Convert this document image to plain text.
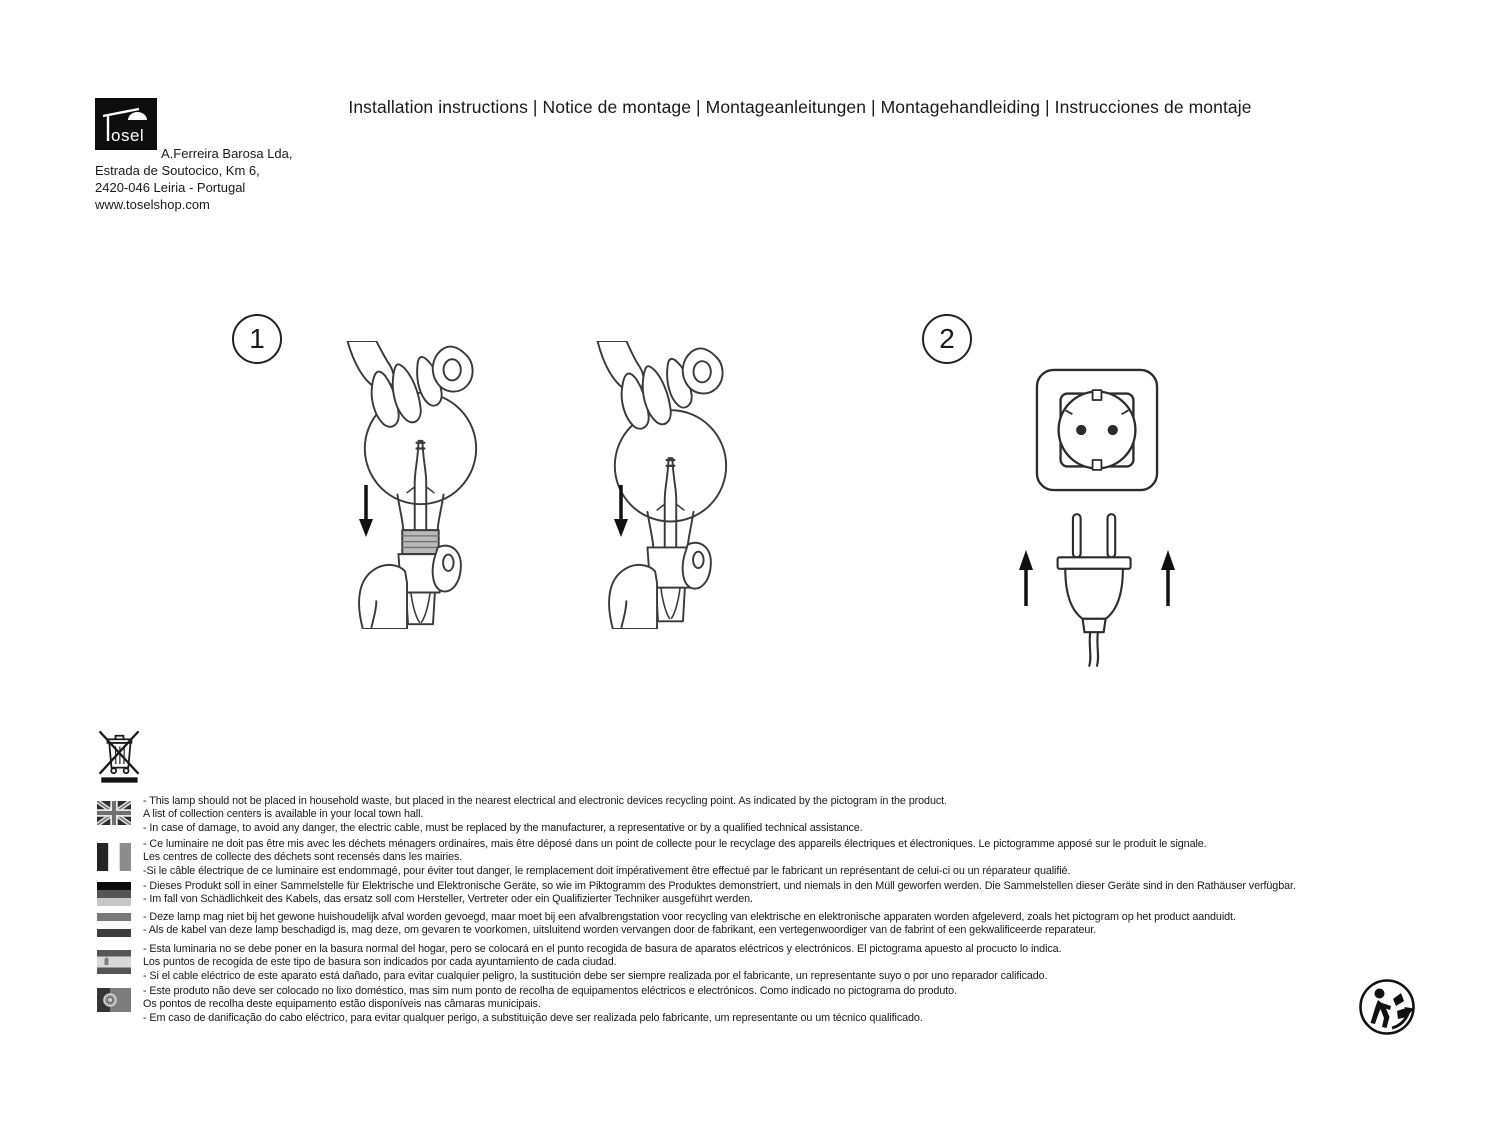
osel
A.Ferreira Barosa Lda,
Estrada de Soutocico, Km 6,
2420-046 Leiria - Portugal
www.toselshop.com
Installation instructions | Notice de montage | Montageanleitungen | Montagehandleiding | Instrucciones de montaje
1	2
- This lamp should not be placed in household waste, but placed in the nearest electrical and electronic devices recycling point. As indicated by the pictogram in the product.
A list of collection centers is available in your local town hall.
- In case of damage, to avoid any danger, the electric cable, must be replaced by the manufacturer, a representative or by a qualified technical assistance.
- Ce luminaire ne doit pas être mis avec les déchets ménagers ordinaires, mais être déposé dans un point de collecte pour le recyclage des appareils électriques et électroniques. Le pictogramme apposé sur le produit le signale.
Les centres de collecte des déchets sont recensés dans les mairies.
-Si le câble électrique de ce luminaire est endommagé, pour éviter tout danger, le remplacement doit impérativement être effectué par le fabricant un représentant de celui-ci ou un réparateur qualifié.
- Dieses Produkt soll in einer Sammelstelle für Elektrische und Elektronische Geräte, so wie im Piktogramm des Produktes demonstriert, und niemals in den Müll geworfen werden. Die Sammelstellen dieser Geräte sind in den Rathäuser verfügbar.
- Im fall von Schädlichkeit des Kabels, das ersatz soll com Hersteller, Vertreter oder ein Qualifizierter Techniker ausgeführt werden.
- Deze lamp mag niet bij het gewone huishoudelijk afval worden gevoegd, maar moet bij een afvalbrengstation voor recycling van elektrische en elektronische apparaten worden afgeleverd, zoals het pictogram op het product aanduidt.
- Als de kabel van deze lamp beschadigd is, mag deze, om gevaren te voorkomen, uitsluitend worden vervangen door de fabrikant, een vertegenwoordiger van de fabrint of een gekwalificeerde reparateur.
- Esta luminaria no se debe poner en la basura normal del hogar, pero se colocará en el punto recogida de basura de aparatos eléctricos y electrónicos. El pictograma apuesto al procucto lo indica.
Los puntos de recogida de este tipo de basura son indicados por cada ayuntamiento de cada ciudad.
- Si el cable eléctrico de este aparato está dañado, para evitar cualquier peligro, la sustitución debe ser siempre realizada por el fabricante, un representante suyo o por uno reparador calificado.
- Este produto não deve ser colocado no lixo doméstico, mas sim num ponto de recolha de equipamentos eléctricos e electrónicos. Como indicado no pictograma do produto.
Os pontos de recolha deste equipamento estão disponíveis nas câmaras municipais.
- Em caso de danificação do cabo eléctrico, para evitar qualquer perigo, a substituição deve ser realizada pelo fabricante, um representante ou um técnico qualificado.
